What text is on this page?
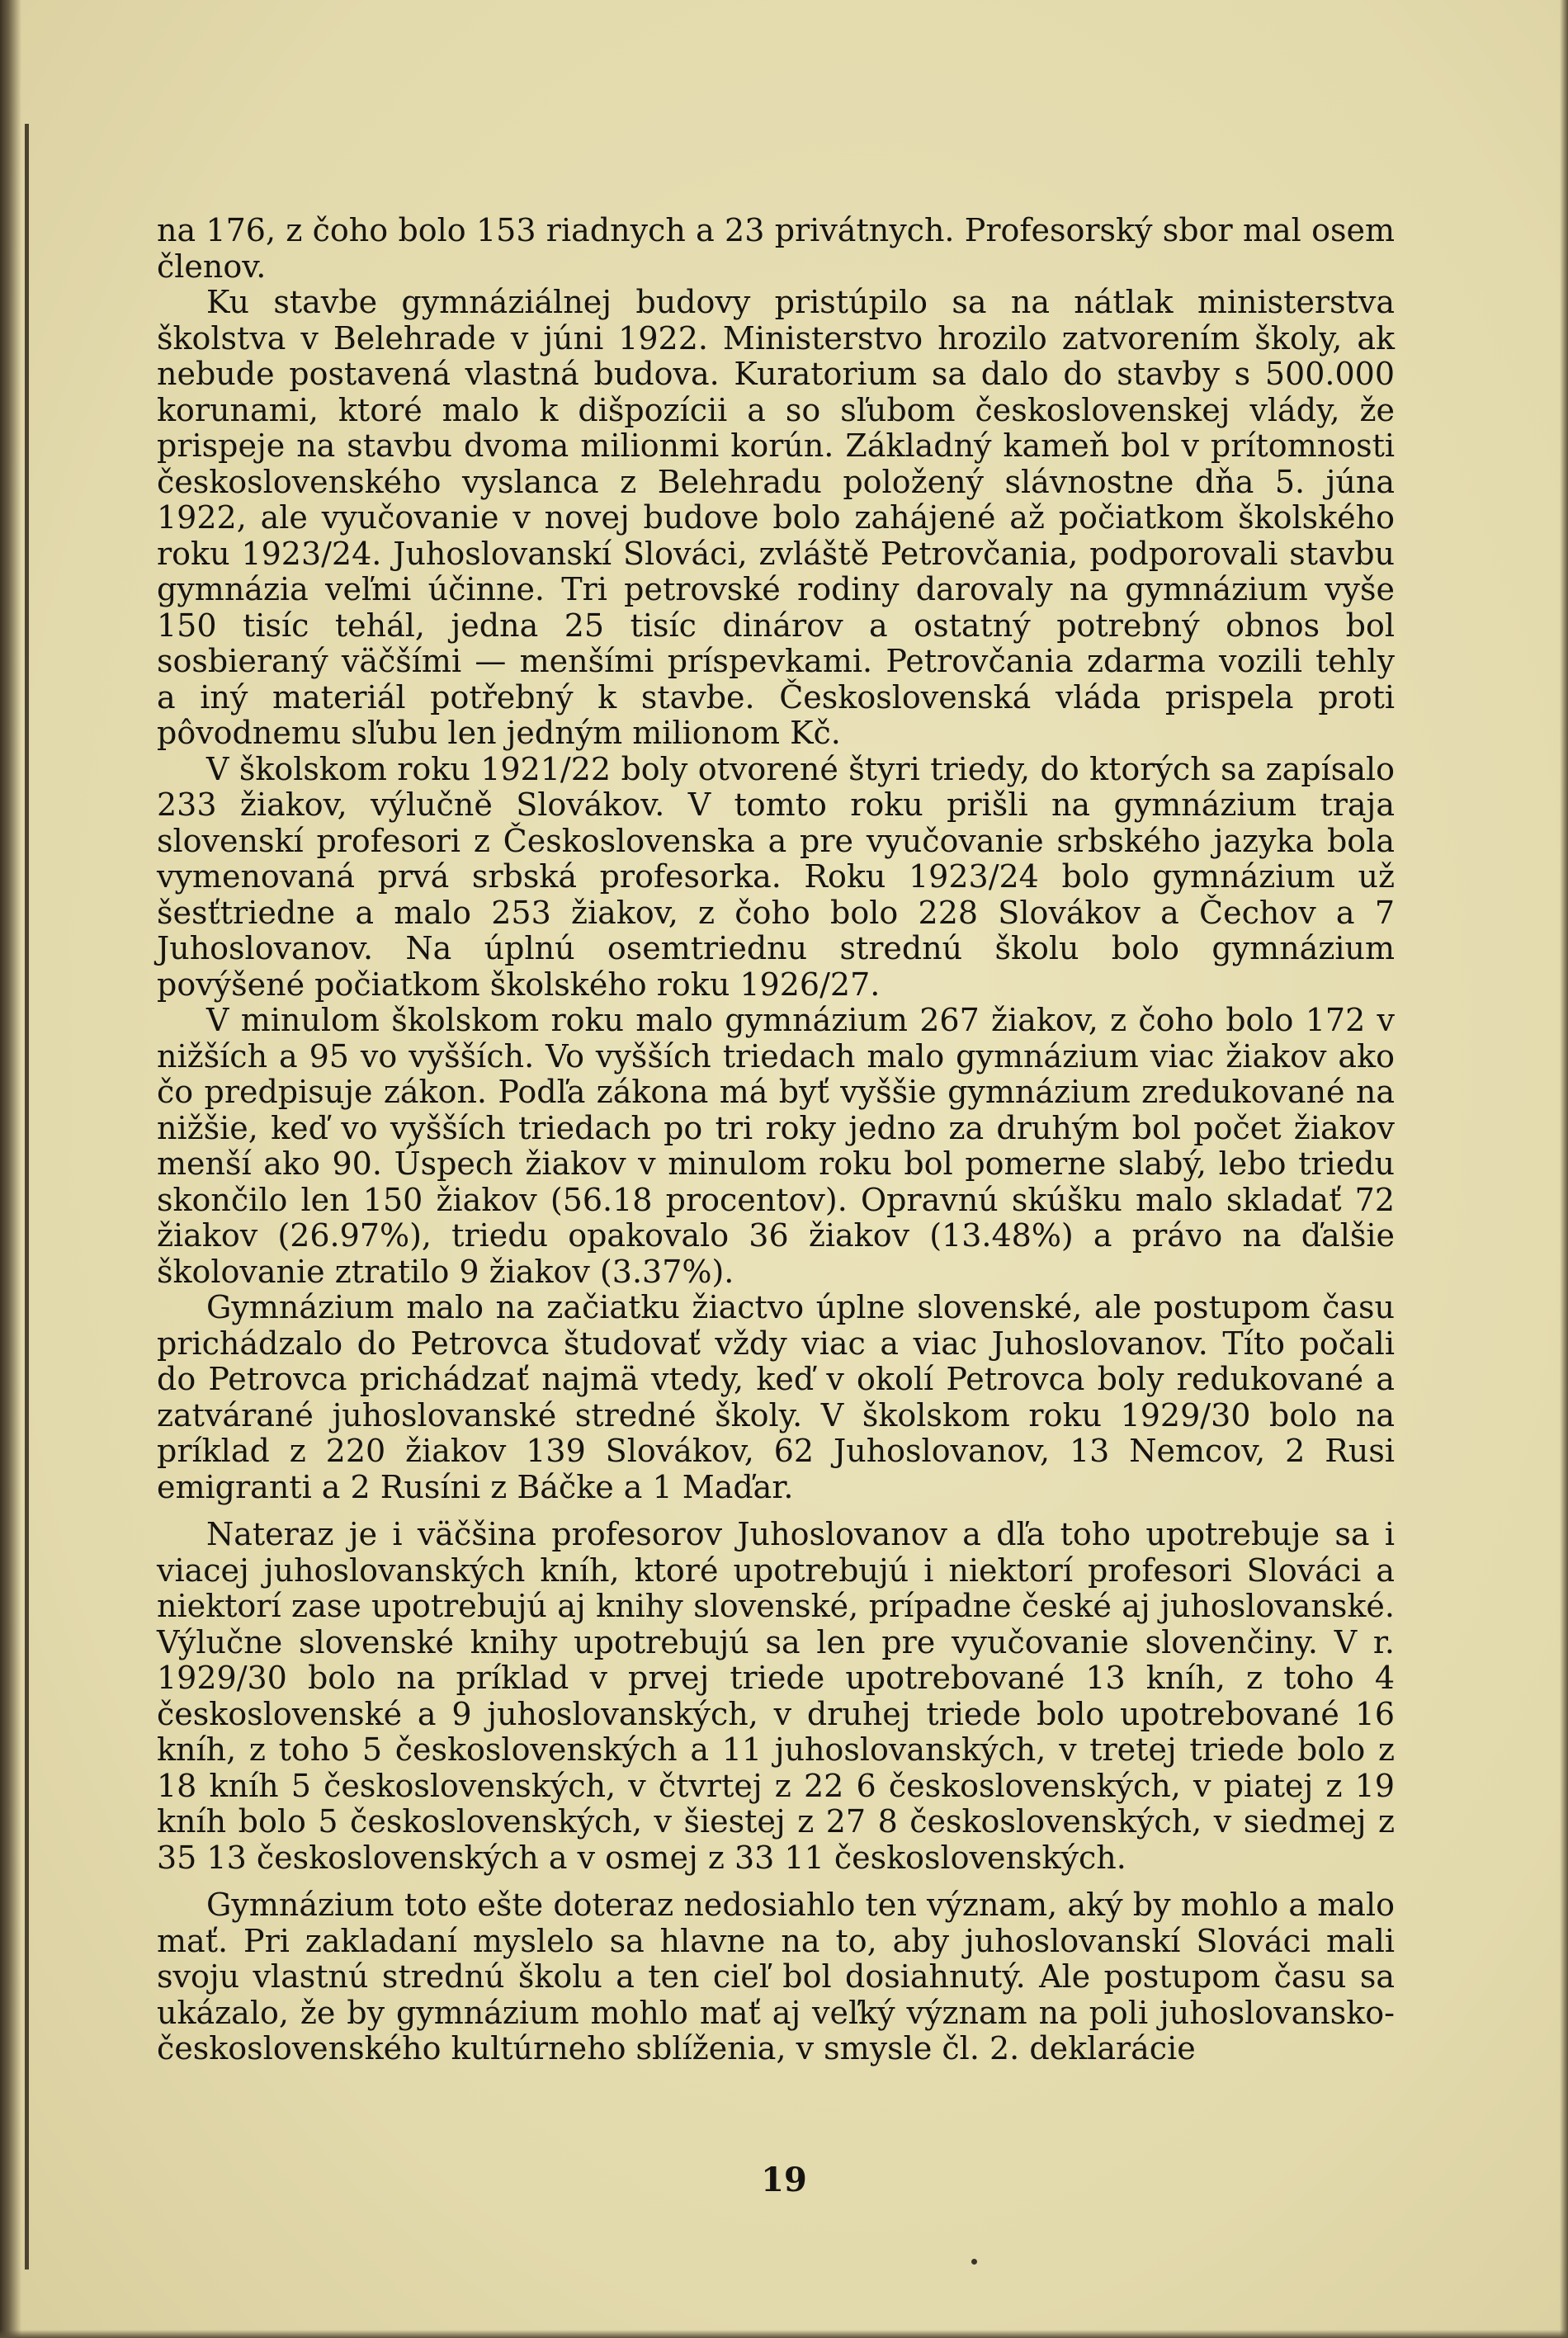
na 176, z čoho bolo 153 riadnych a 23 privátnych. Profesorský sbor mal osem členov.

Ku stavbe gymnáziálnej budovy pristúpilo sa na nátlak ministerstva školstva v Belehrade v júni 1922. Ministerstvo hrozilo zatvorením školy, ak nebude postavená vlastná budova. Kuratorium sa dalo do stavby s 500.000 korunami, ktoré malo k dišpozícii a so sľubom československej vlády, že prispeje na stavbu dvoma milionmi korún. Základný kameň bol v prítomnosti československého vyslanca z Belehradu položený slávnostne dňa 5. júna 1922, ale vyučovanie v novej budove bolo zahájené až počiatkom školského roku 1923/24. Juhoslovanskí Slováci, zvláště Petrovčania, podporovali stavbu gymnázia veľmi účinne. Tri petrovské rodiny darovaly na gymnázium vyše 150 tisíc tehál, jedna 25 tisíc dinárov a ostatný potrebný obnos bol sosbieraný väčšími — menšími príspevkami. Petrovčania zdarma vozili tehly a iný materiál potřebný k stavbe. Československá vláda prispela proti pôvodnemu sľubu len jedným milionom Kč.

V školskom roku 1921/22 boly otvorené štyri triedy, do ktorých sa zapísalo 233 žiakov, výlučně Slovákov. V tomto roku prišli na gymnázium traja slovenskí profesori z Československa a pre vyučovanie srbského jazyka bola vymenovaná prvá srbská profesorka. Roku 1923/24 bolo gymnázium už šesťtriedne a malo 253 žiakov, z čoho bolo 228 Slovákov a Čechov a 7 Juhoslovanov. Na úplnú osemtriednu strednú školu bolo gymnázium povýšené počiatkom školského roku 1926/27.

V minulom školskom roku malo gymnázium 267 žiakov, z čoho bolo 172 v nižších a 95 vo vyšších. Vo vyšších triedach malo gymnázium viac žiakov ako čo predpisuje zákon. Podľa zákona má byť vyššie gymnázium zredukované na nižšie, keď vo vyšších triedach po tri roky jedno za druhým bol počet žiakov menší ako 90. Úspech žiakov v minulom roku bol pomerne slabý, lebo triedu skončilo len 150 žiakov (56.18 procentov). Opravnú skúšku malo skladať 72 žiakov (26.97%), triedu opakovalo 36 žiakov (13.48%) a právo na ďalšie školovanie ztratilo 9 žiakov (3.37%).

Gymnázium malo na začiatku žiactvo úplne slovenské, ale postupom času prichádzalo do Petrovca študovať vždy viac a viac Juhoslovanov. Títo počali do Petrovca prichádzať najmä vtedy, keď v okolí Petrovca boly redukované a zatvárané juhoslovanské stredné školy. V školskom roku 1929/30 bolo na príklad z 220 žiakov 139 Slovákov, 62 Juhoslovanov, 13 Nemcov, 2 Rusi emigranti a 2 Rusíni z Báčke a 1 Maďar.

Nateraz je i väčšina profesorov Juhoslovanov a dľa toho upotrebuje sa i viacej juhoslovanských kníh, ktoré upotrebujú i niektorí profesori Slováci a niektorí zase upotrebujú aj knihy slovenské, prípadne české aj juhoslovanské. Výlučne slovenské knihy upotrebujú sa len pre vyučovanie slovenčiny. V r. 1929/30 bolo na príklad v prvej triede upotrebované 13 kníh, z toho 4 československé a 9 juhoslovanských, v druhej triede bolo upotrebované 16 kníh, z toho 5 československých a 11 juhoslovanských, v tretej triede bolo z 18 kníh 5 československých, v čtvrtej z 22 6 československých, v piatej z 19 kníh bolo 5 československých, v šiestej z 27 8 československých, v siedmej z 35 13 československých a v osmej z 33 11 československých.

Gymnázium toto ešte doteraz nedosiahlo ten význam, aký by mohlo a malo mať. Pri zakladaní myslelo sa hlavne na to, aby juhoslovanskí Slováci mali svoju vlastnú strednú školu a ten cieľ bol dosiahnutý. Ale postupom času sa ukázalo, že by gymnázium mohlo mať aj veľký význam na poli juhoslovansko-československého kultúrneho sblíženia, v smysle čl. 2. deklarácie

19
